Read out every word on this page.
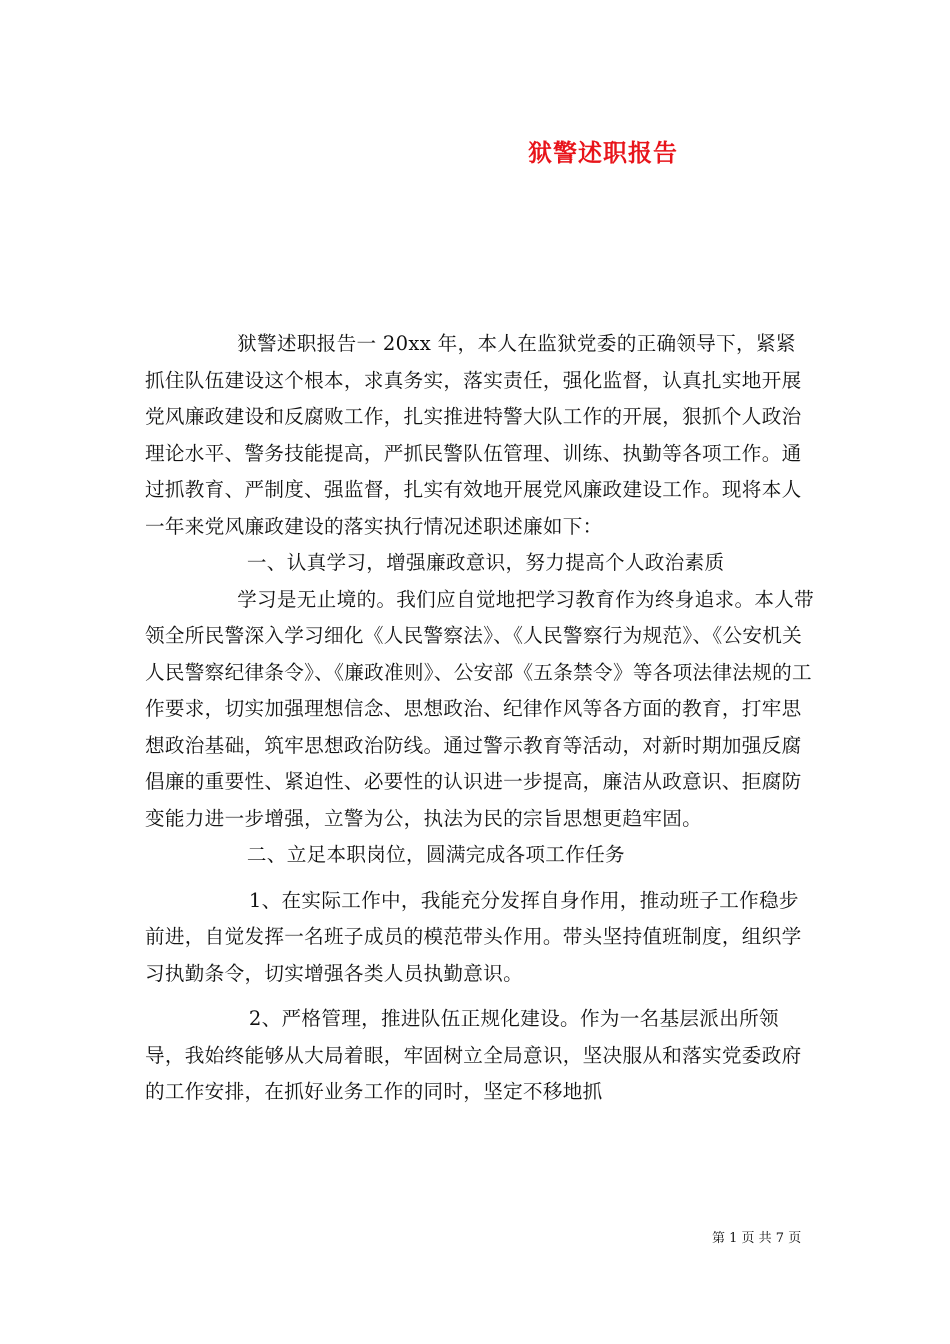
狱警述职报告

狱警述职报告一 20xx 年，本人在监狱党委的正确领导下，紧紧抓住队伍建设这个根本，求真务实，落实责任，强化监督，认真扎实地开展党风廉政建设和反腐败工作，扎实推进特警大队工作的开展，狠抓个人政治理论水平、警务技能提高，严抓民警队伍管理、训练、执勤等各项工作。通过抓教育、严制度、强监督，扎实有效地开展党风廉政建设工作。现将本人一年来党风廉政建设的落实执行情况述职述廉如下：

一、认真学习，增强廉政意识，努力提高个人政治素质

学习是无止境的。我们应自觉地把学习教育作为终身追求。本人带领全所民警深入学习细化《人民警察法》、《人民警察行为规范》、《公安机关人民警察纪律条令》、《廉政准则》、公安部《五条禁令》等各项法律法规的工作要求，切实加强理想信念、思想政治、纪律作风等各方面的教育，打牢思想政治基础，筑牢思想政治防线。通过警示教育等活动，对新时期加强反腐倡廉的重要性、紧迫性、必要性的认识进一步提高，廉洁从政意识、拒腐防变能力进一步增强，立警为公，执法为民的宗旨思想更趋牢固。

二、立足本职岗位，圆满完成各项工作任务

1、在实际工作中，我能充分发挥自身作用，推动班子工作稳步前进，自觉发挥一名班子成员的模范带头作用。带头坚持值班制度，组织学习执勤条令，切实增强各类人员执勤意识。

2、严格管理，推进队伍正规化建设。作为一名基层派出所领导，我始终能够从大局着眼，牢固树立全局意识，坚决服从和落实党委政府的工作安排，在抓好业务工作的同时，坚定不移地抓

第 1 页 共 7 页
